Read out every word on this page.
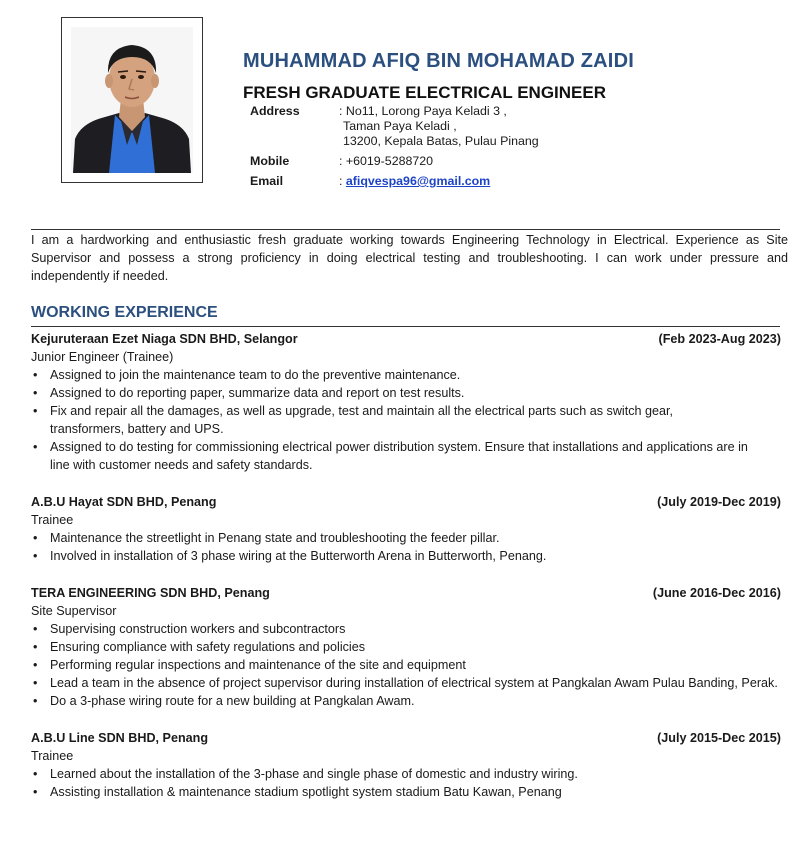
MUHAMMAD AFIQ BIN MOHAMAD ZAIDI
FRESH GRADUATE ELECTRICAL ENGINEER
Address	: No11, Lorong Paya Keladi 3 ,
Taman Paya Keladi ,
13200, Kepala Batas, Pulau Pinang
Mobile	: +6019-5288720
Email	: afiqvespa96@gmail.com
I am a hardworking and enthusiastic fresh graduate working towards Engineering Technology in Electrical. Experience as Site Supervisor and possess a strong proficiency in doing electrical testing and troubleshooting. I can work under pressure and independently if needed.
WORKING EXPERIENCE
Kejuruteraan Ezet Niaga SDN BHD, Selangor	(Feb 2023-Aug 2023)
Junior Engineer (Trainee)
• Assigned to join the maintenance team to do the preventive maintenance.
• Assigned to do reporting paper, summarize data and report on test results.
• Fix and repair all the damages, as well as upgrade, test and maintain all the electrical parts such as switch gear, transformers, battery and UPS.
• Assigned to do testing for commissioning electrical power distribution system. Ensure that installations and applications are in line with customer needs and safety standards.
A.B.U Hayat SDN BHD, Penang	(July 2019-Dec 2019)
Trainee
• Maintenance the streetlight in Penang state and troubleshooting the feeder pillar.
• Involved in installation of 3 phase wiring at the Butterworth Arena in Butterworth, Penang.
TERA ENGINEERING SDN BHD, Penang	(June 2016-Dec 2016)
Site Supervisor
• Supervising construction workers and subcontractors
• Ensuring compliance with safety regulations and policies
• Performing regular inspections and maintenance of the site and equipment
• Lead a team in the absence of project supervisor during installation of electrical system at Pangkalan Awam Pulau Banding, Perak.
• Do a 3-phase wiring route for a new building at Pangkalan Awam.
A.B.U Line SDN BHD, Penang	(July 2015-Dec 2015)
Trainee
• Learned about the installation of the 3-phase and single phase of domestic and industry wiring.
• Assisting installation & maintenance stadium spotlight system stadium Batu Kawan, Penang
